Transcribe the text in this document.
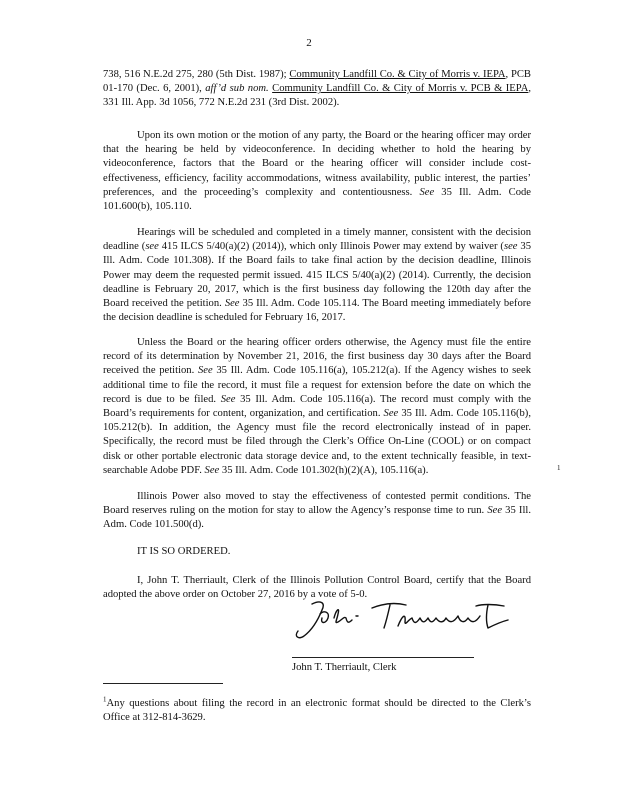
2
738, 516 N.E.2d 275, 280 (5th Dist. 1987); Community Landfill Co. & City of Morris v. IEPA, PCB 01-170 (Dec. 6, 2001), aff’d sub nom. Community Landfill Co. & City of Morris v. PCB & IEPA, 331 Ill. App. 3d 1056, 772 N.E.2d 231 (3rd Dist. 2002).
Upon its own motion or the motion of any party, the Board or the hearing officer may order that the hearing be held by videoconference. In deciding whether to hold the hearing by videoconference, factors that the Board or the hearing officer will consider include cost-effectiveness, efficiency, facility accommodations, witness availability, public interest, the parties’ preferences, and the proceeding’s complexity and contentiousness. See 35 Ill. Adm. Code 101.600(b), 105.110.
Hearings will be scheduled and completed in a timely manner, consistent with the decision deadline (see 415 ILCS 5/40(a)(2) (2014)), which only Illinois Power may extend by waiver (see 35 Ill. Adm. Code 101.308). If the Board fails to take final action by the decision deadline, Illinois Power may deem the requested permit issued. 415 ILCS 5/40(a)(2) (2014). Currently, the decision deadline is February 20, 2017, which is the first business day following the 120th day after the Board received the petition. See 35 Ill. Adm. Code 105.114. The Board meeting immediately before the decision deadline is scheduled for February 16, 2017.
Unless the Board or the hearing officer orders otherwise, the Agency must file the entire record of its determination by November 21, 2016, the first business day 30 days after the Board received the petition. See 35 Ill. Adm. Code 105.116(a), 105.212(a). If the Agency wishes to seek additional time to file the record, it must file a request for extension before the date on which the record is due to be filed. See 35 Ill. Adm. Code 105.116(a). The record must comply with the Board’s requirements for content, organization, and certification. See 35 Ill. Adm. Code 105.116(b), 105.212(b). In addition, the Agency must file the record electronically instead of in paper. Specifically, the record must be filed through the Clerk’s Office On-Line (COOL) or on compact disk or other portable electronic data storage device and, to the extent technically feasible, in text-searchable Adobe PDF. See 35 Ill. Adm. Code 101.302(h)(2)(A), 105.116(a).	1
Illinois Power also moved to stay the effectiveness of contested permit conditions. The Board reserves ruling on the motion for stay to allow the Agency’s response time to run. See 35 Ill. Adm. Code 101.500(d).
IT IS SO ORDERED.
I, John T. Therriault, Clerk of the Illinois Pollution Control Board, certify that the Board adopted the above order on October 27, 2016 by a vote of 5-0.
John T. Therriault, Clerk
$^1$Any questions about filing the record in an electronic format should be directed to the Clerk’s Office at 312-814-3629.
